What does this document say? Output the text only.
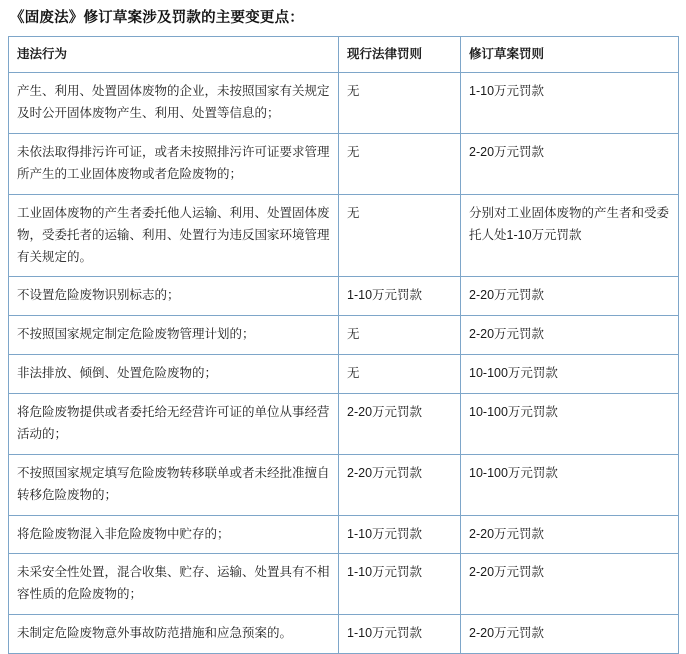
《固废法》修订草案涉及罚款的主要变更点：
违法行为	现行法律罚则	修订草案罚则

产生、利用、处置固体废物的企业，未按照国家有关规定及时公开固体废物产生、利用、处置等信息的；	无	1-10万元罚款

未依法取得排污许可证，或者未按照排污许可证要求管理所产生的工业固体废物或者危险废物的；	无	2-20万元罚款

工业固体废物的产生者委托他人运输、利用、处置固体废物，受委托者的运输、利用、处置行为违反国家环境管理有关规定的。	无	分别对工业固体废物的产生者和受委托人处1-10万元罚款

不设置危险废物识别标志的；	1-10万元罚款	2-20万元罚款

不按照国家规定制定危险废物管理计划的；	无	2-20万元罚款

非法排放、倾倒、处置危险废物的；	无	10-100万元罚款

将危险废物提供或者委托给无经营许可证的单位从事经营活动的；	2-20万元罚款	10-100万元罚款

不按照国家规定填写危险废物转移联单或者未经批准擅自转移危险废物的；	2-20万元罚款	10-100万元罚款

将危险废物混入非危险废物中贮存的；	1-10万元罚款	2-20万元罚款

未采安全性处置，混合收集、贮存、运输、处置具有不相容性质的危险废物的；	1-10万元罚款	2-20万元罚款

未制定危险废物意外事故防范措施和应急预案的。	1-10万元罚款	2-20万元罚款
